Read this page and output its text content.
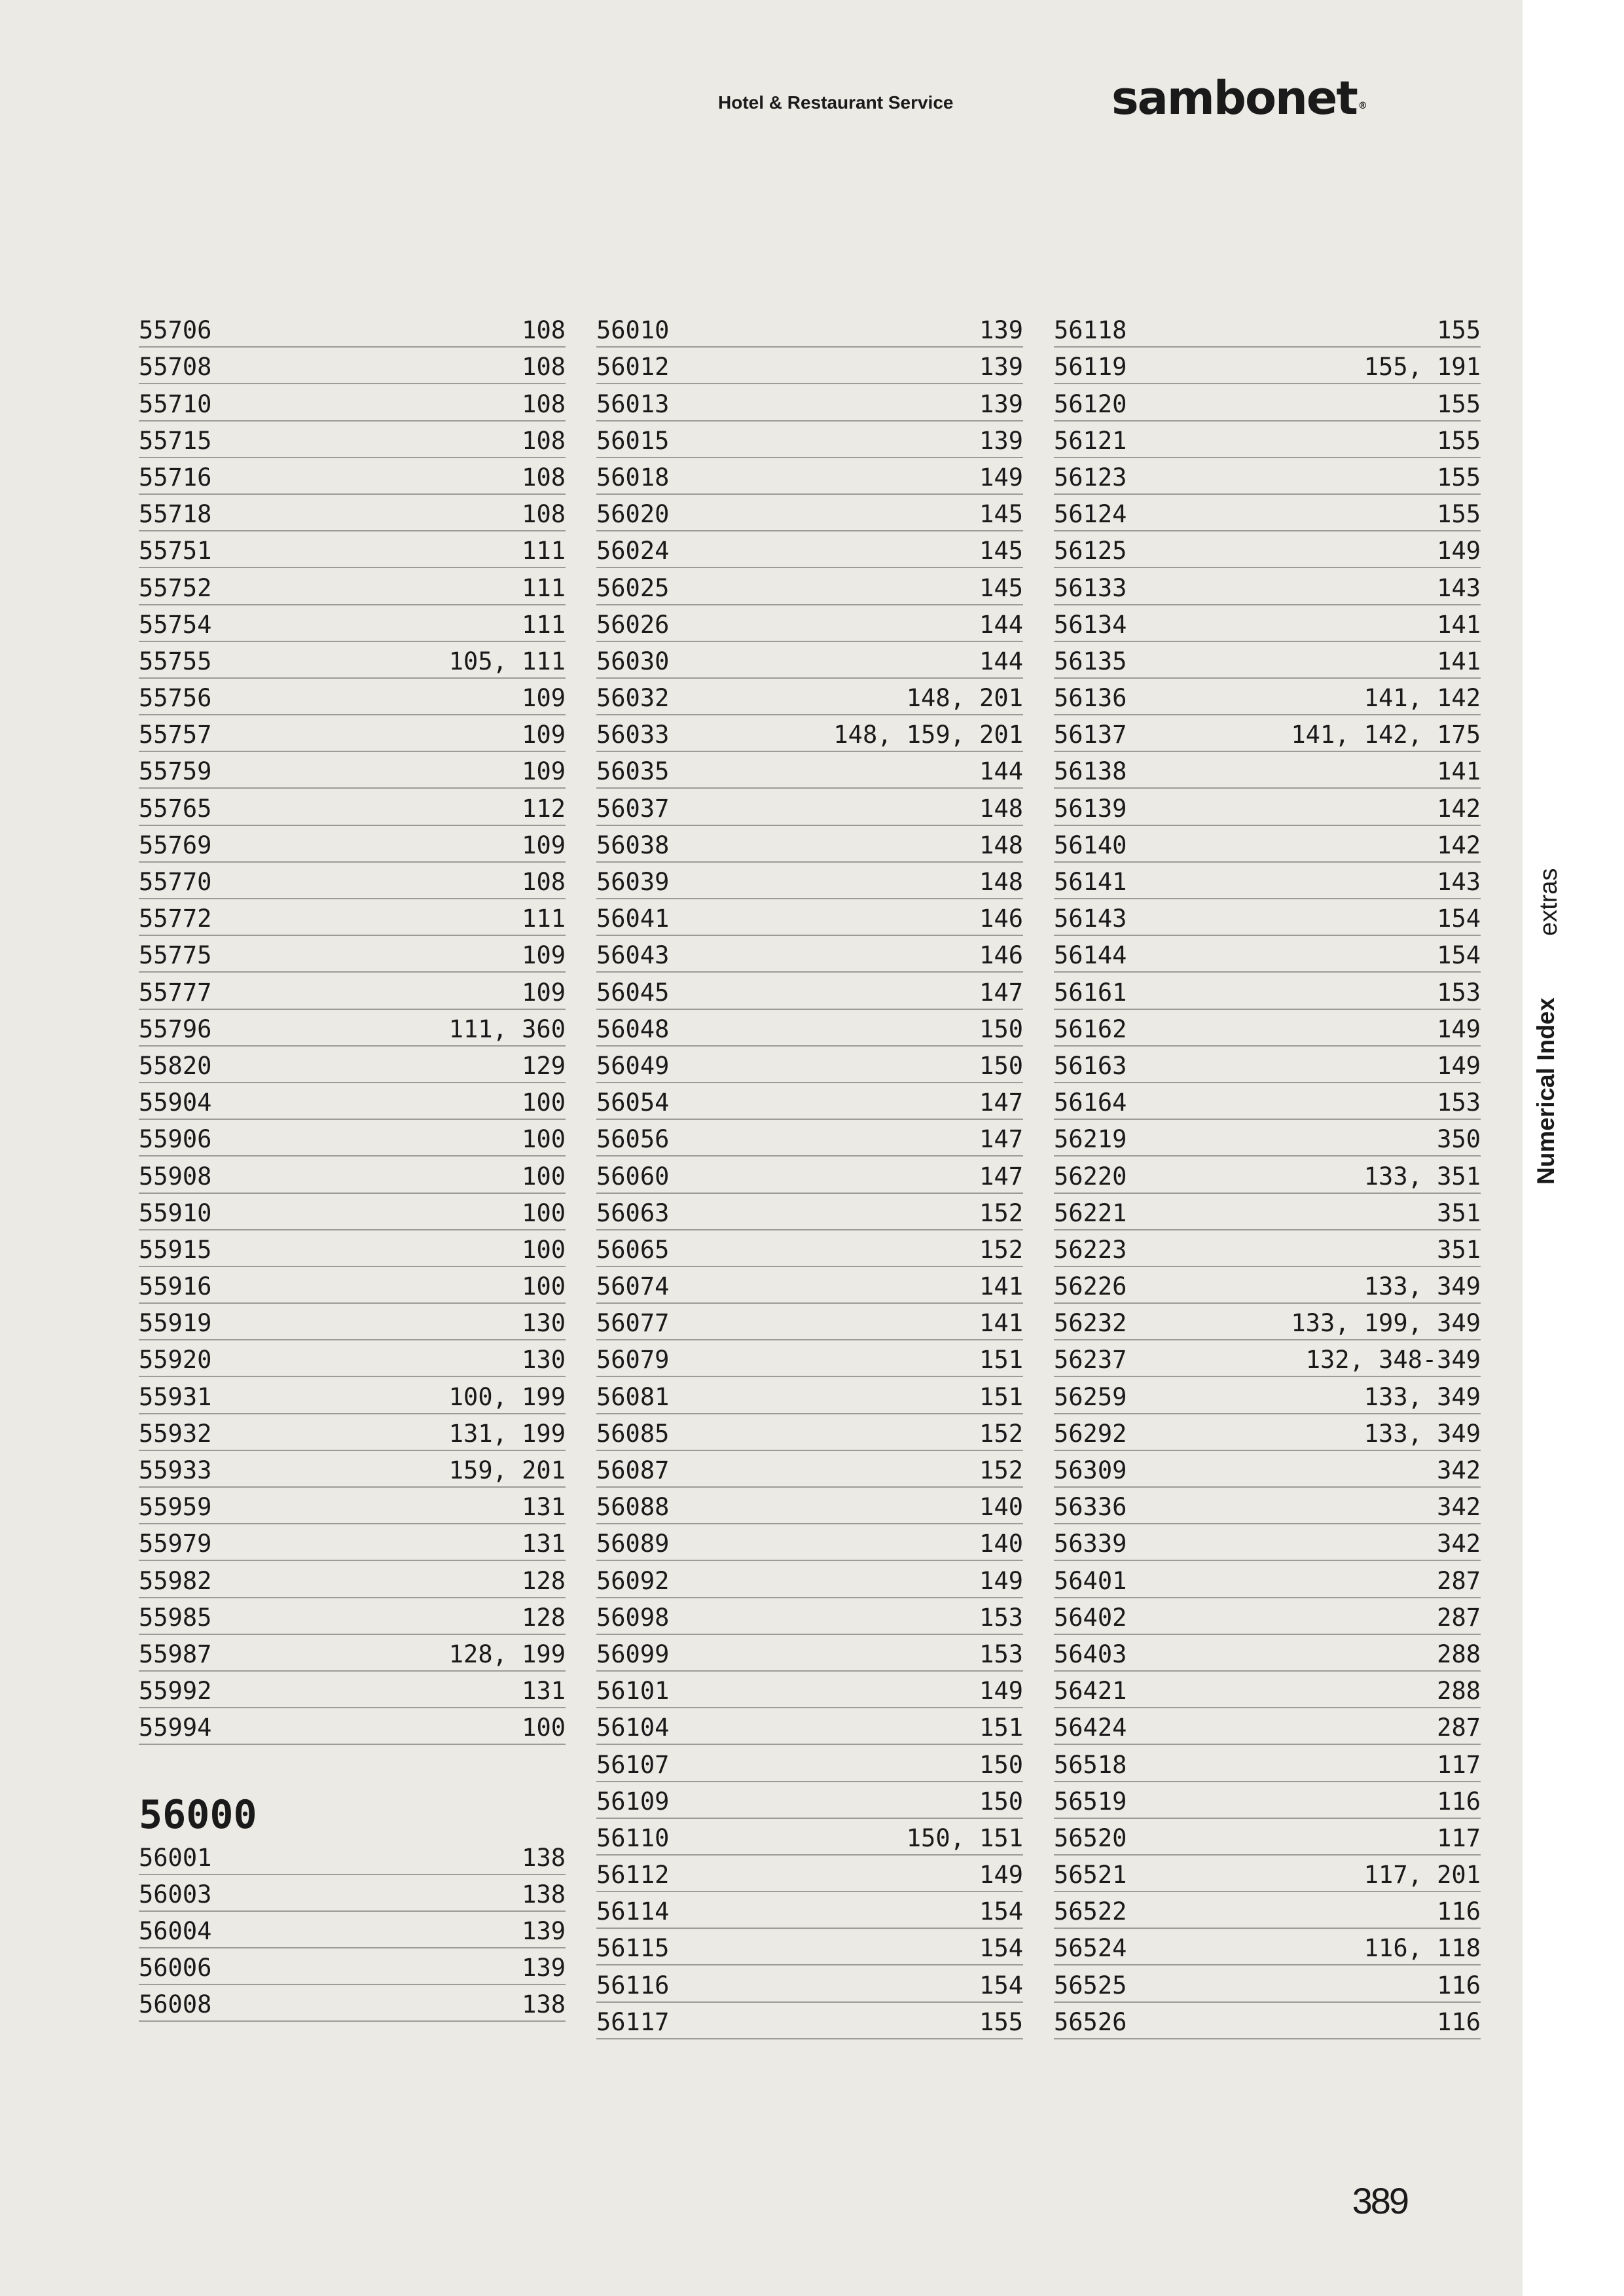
Hotel & Restaurant Service	sambonet ®
55706	108
55708	108
55710	108
55715	108
55716	108
55718	108
55751	111
55752	111
55754	111
55755	105, 111
55756	109
55757	109
55759	109
55765	112
55769	109
55770	108
55772	111
55775	109
55777	109
55796	111, 360
55820	129
55904	100
55906	100
55908	100
55910	100
55915	100
55916	100
55919	130
55920	130
55931	100, 199
55932	131, 199
55933	159, 201
55959	131
55979	131
55982	128
55985	128
55987	128, 199
55992	131
55994	100
56000
56001	138
56003	138
56004	139
56006	139
56008	138
56010	139
56012	139
56013	139
56015	139
56018	149
56020	145
56024	145
56025	145
56026	144
56030	144
56032	148, 201
56033	148, 159, 201
56035	144
56037	148
56038	148
56039	148
56041	146
56043	146
56045	147
56048	150
56049	150
56054	147
56056	147
56060	147
56063	152
56065	152
56074	141
56077	141
56079	151
56081	151
56085	152
56087	152
56088	140
56089	140
56092	149
56098	153
56099	153
56101	149
56104	151
56107	150
56109	150
56110	150, 151
56112	149
56114	154
56115	154
56116	154
56117	155
56118	155
56119	155, 191
56120	155
56121	155
56123	155
56124	155
56125	149
56133	143
56134	141
56135	141
56136	141, 142
56137	141, 142, 175
56138	141
56139	142
56140	142
56141	143
56143	154
56144	154
56161	153
56162	149
56163	149
56164	153
56219	350
56220	133, 351
56221	351
56223	351
56226	133, 349
56232	133, 199, 349
56237	132, 348-349
56259	133, 349
56292	133, 349
56309	342
56336	342
56339	342
56401	287
56402	287
56403	288
56421	288
56424	287
56518	117
56519	116
56520	117
56521	117, 201
56522	116
56524	116, 118
56525	116
56526	116
extras
Numerical Index
389
